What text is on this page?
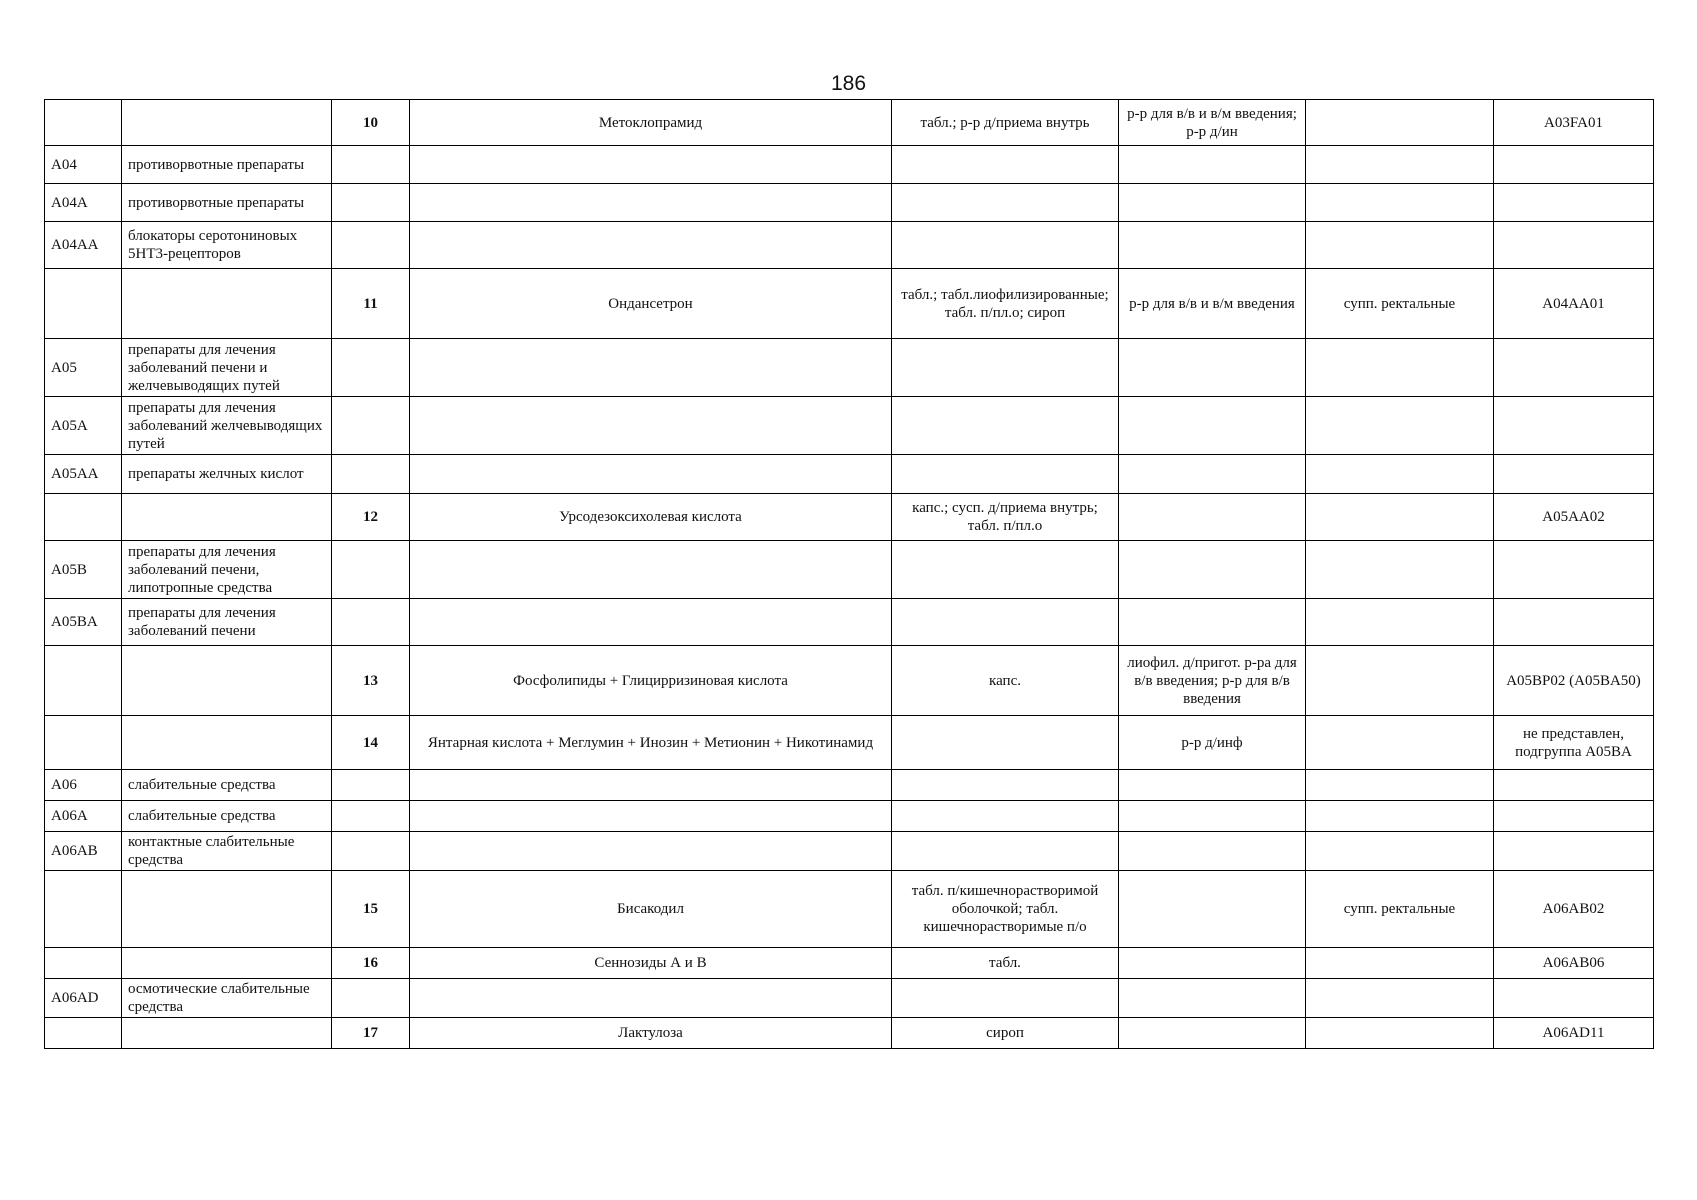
186
		10	Метоклопрамид	табл.; р-р д/приема внутрь	р-р для в/в и в/м введения; р-р д/ин		A03FA01
A04	противорвотные препараты						
A04A	противорвотные препараты						
A04AA	блокаторы серотониновых 5НТ3-рецепторов						
		11	Ондансетрон	табл.; табл.лиофилизированные; табл. п/пл.о; сироп	р-р для в/в и в/м введения	супп. ректальные	A04AA01
A05	препараты для лечения заболеваний печени и желчевыводящих путей						
A05A	препараты для лечения заболеваний желчевыводящих путей						
A05AA	препараты желчных кислот						
		12	Урсодезоксихолевая кислота	капс.; сусп. д/приема внутрь; табл. п/пл.о			A05AA02
A05B	препараты для лечения заболеваний печени, липотропные средства						
A05BA	препараты для лечения заболеваний печени						
		13	Фосфолипиды + Глицирризиновая кислота	капс.	лиофил. д/пригот. р-ра для в/в введения; р-р для в/в введения		A05BP02 (A05BA50)
		14	Янтарная кислота + Меглумин + Инозин + Метионин + Никотинамид		р-р д/инф		не представлен, подгруппа A05BA
A06	слабительные средства						
A06A	слабительные средства						
A06AB	контактные слабительные средства						
		15	Бисакодил	табл. п/кишечнорастворимой оболочкой; табл. кишечнорастворимые п/о		супп. ректальные	A06AB02
		16	Сеннозиды А и В	табл.			A06AB06
A06AD	осмотические слабительные средства						
		17	Лактулоза	сироп			A06AD11
